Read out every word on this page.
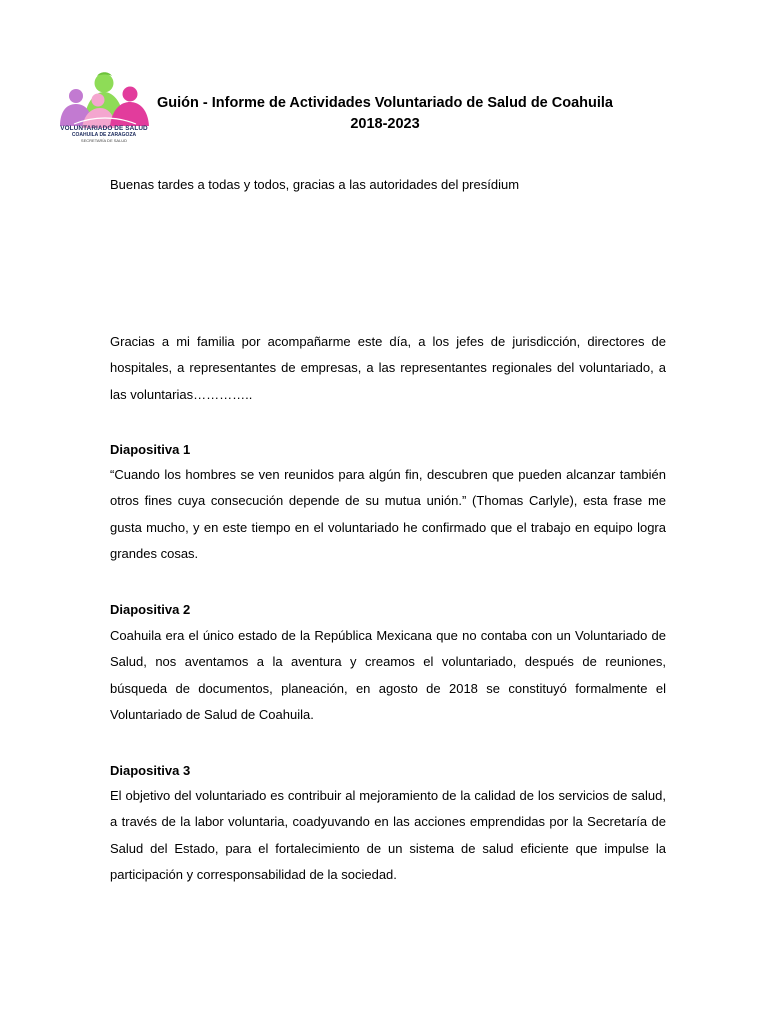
VOLUNTARIADO DE SALUD
COAHUILA DE ZARAGOZA
SECRETARÍA DE SALUD
Guión - Informe de Actividades Voluntariado de Salud de Coahuila
2018-2023
Buenas tardes a todas y todos, gracias a las autoridades del presídium
Gracias a mi familia por acompañarme este día, a los jefes de jurisdicción, directores de hospitales, a representantes de empresas, a las representantes regionales del voluntariado, a las voluntarias…………..
Diapositiva 1
“Cuando los hombres se ven reunidos para algún fin, descubren que pueden alcanzar también otros fines cuya consecución depende de su mutua unión.” (Thomas Carlyle), esta frase me gusta mucho, y en este tiempo en el voluntariado he confirmado que el trabajo en equipo logra grandes cosas.
Diapositiva 2
Coahuila era el único estado de la República Mexicana que no contaba con un Voluntariado de Salud, nos aventamos a la aventura y creamos el voluntariado, después de reuniones, búsqueda de documentos, planeación, en agosto de 2018 se constituyó formalmente el Voluntariado de Salud de Coahuila.
Diapositiva 3
El objetivo del voluntariado es contribuir al mejoramiento de la calidad de los servicios de salud, a través de la labor voluntaria, coadyuvando en las acciones emprendidas por la Secretaría de Salud del Estado, para el fortalecimiento de un sistema de salud eficiente que impulse la participación y corresponsabilidad de la sociedad.
